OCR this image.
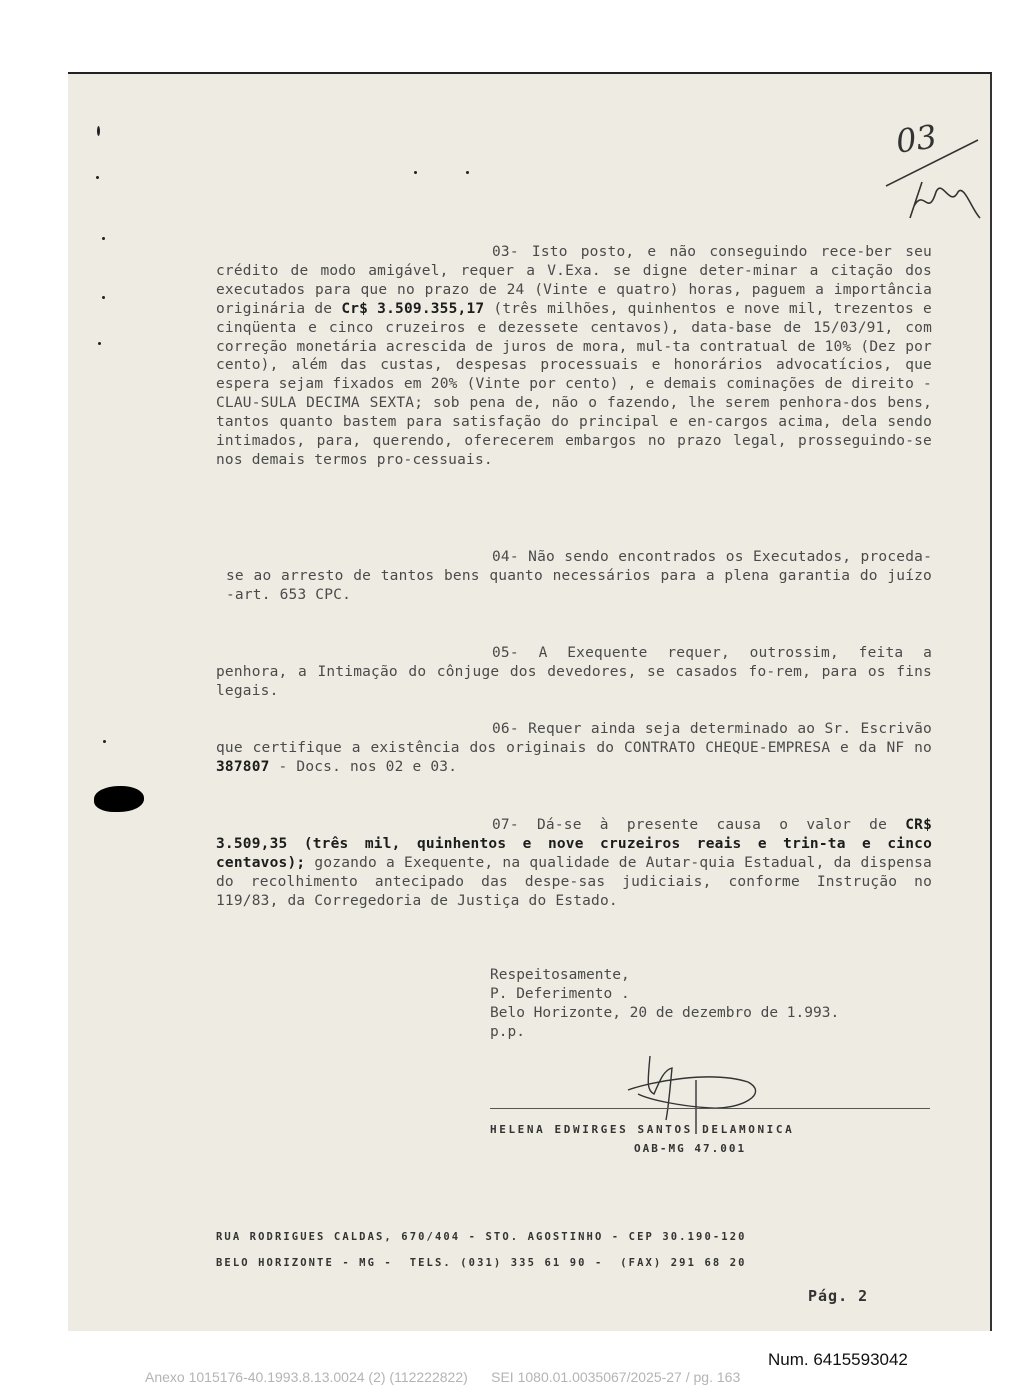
03
03- Isto posto, e não conseguindo rece-ber seu crédito de modo amigável, requer a V.Exa. se digne deter-minar a citação dos executados para que no prazo de 24 (Vinte e quatro) horas, paguem a importância originária de Cr$ 3.509.355,17 (três milhões, quinhentos e nove mil, trezentos e cinqüenta e cinco cruzeiros e dezessete centavos), data-base de 15/03/91, com correção monetária acrescida de juros de mora, mul-ta contratual de 10% (Dez por cento), além das custas, despesas processuais e honorários advocatícios, que espera sejam fixados em 20% (Vinte por cento) , e demais cominações de direito - CLAU-SULA DECIMA SEXTA; sob pena de, não o fazendo, lhe serem penhora-dos bens, tantos quanto bastem para satisfação do principal e en-cargos acima, dela sendo intimados, para, querendo, oferecerem embargos no prazo legal, prosseguindo-se nos demais termos pro-cessuais.
04- Não sendo encontrados os Executados, proceda-se ao arresto de tantos bens quanto necessários para a plena garantia do juízo -art. 653 CPC.
05- A Exequente requer, outrossim, feita a penhora, a Intimação do cônjuge dos devedores, se casados fo-rem, para os fins legais.
06- Requer ainda seja determinado ao Sr. Escrivão que certifique a existência dos originais do CONTRATO CHEQUE-EMPRESA e da NF no 387807 - Docs. nos 02 e 03.
07- Dá-se à presente causa o valor de CR$ 3.509,35 (três mil, quinhentos e nove cruzeiros reais e trin-ta e cinco centavos); gozando a Exequente, na qualidade de Autar-quia Estadual, da dispensa do recolhimento antecipado das despe-sas judiciais, conforme Instrução no 119/83, da Corregedoria de Justiça do Estado.
Respeitosamente,
P. Deferimento .
Belo Horizonte, 20 de dezembro de 1.993.
p.p.
HELENA EDWIRGES SANTOS DELAMONICA
OAB-MG 47.001
RUA RODRIGUES CALDAS, 670/404 - STO. AGOSTINHO - CEP 30.190-120
BELO HORIZONTE - MG -  TELS. (031) 335 61 90 -  (FAX) 291 68 20
Pág. 2
Num. 6415593042
Anexo 1015176-40.1993.8.13.0024 (2) (112222822) SEI 1080.01.0035067/2025-27 / pg. 163
